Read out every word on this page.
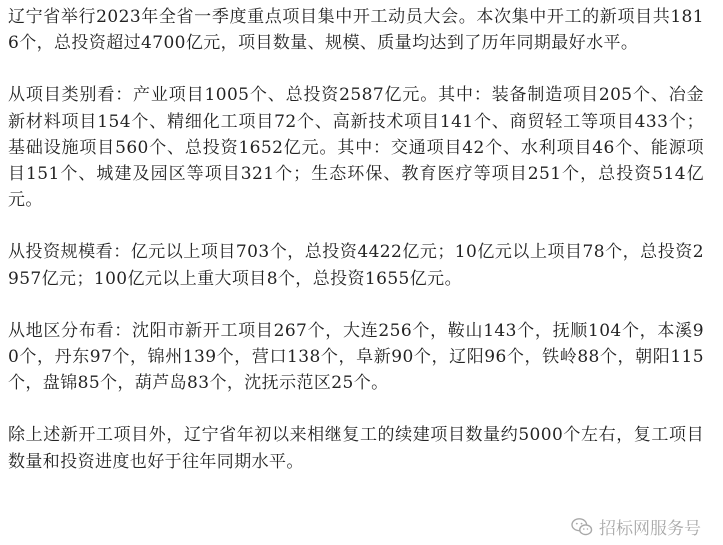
辽宁省举行2023年全省一季度重点项目集中开工动员大会。本次集中开工的新项目共1816个，总投资超过4700亿元，项目数量、规模、质量均达到了历年同期最好水平。

从项目类别看：产业项目1005个、总投资2587亿元。其中：装备制造项目205个、冶金新材料项目154个、精细化工项目72个、高新技术项目141个、商贸轻工等项目433个；基础设施项目560个、总投资1652亿元。其中：交通项目42个、水利项目46个、能源项目151个、城建及园区等项目321个；生态环保、教育医疗等项目251个，总投资514亿元。

从投资规模看：亿元以上项目703个，总投资4422亿元；10亿元以上项目78个，总投资2957亿元；100亿元以上重大项目8个，总投资1655亿元。

从地区分布看：沈阳市新开工项目267个，大连256个，鞍山143个，抚顺104个，本溪90个，丹东97个，锦州139个，营口138个，阜新90个，辽阳96个，铁岭88个，朝阳115个，盘锦85个，葫芦岛83个，沈抚示范区25个。

除上述新开工项目外，辽宁省年初以来相继复工的续建项目数量约5000个左右，复工项目数量和投资进度也好于往年同期水平。

招标网服务号
